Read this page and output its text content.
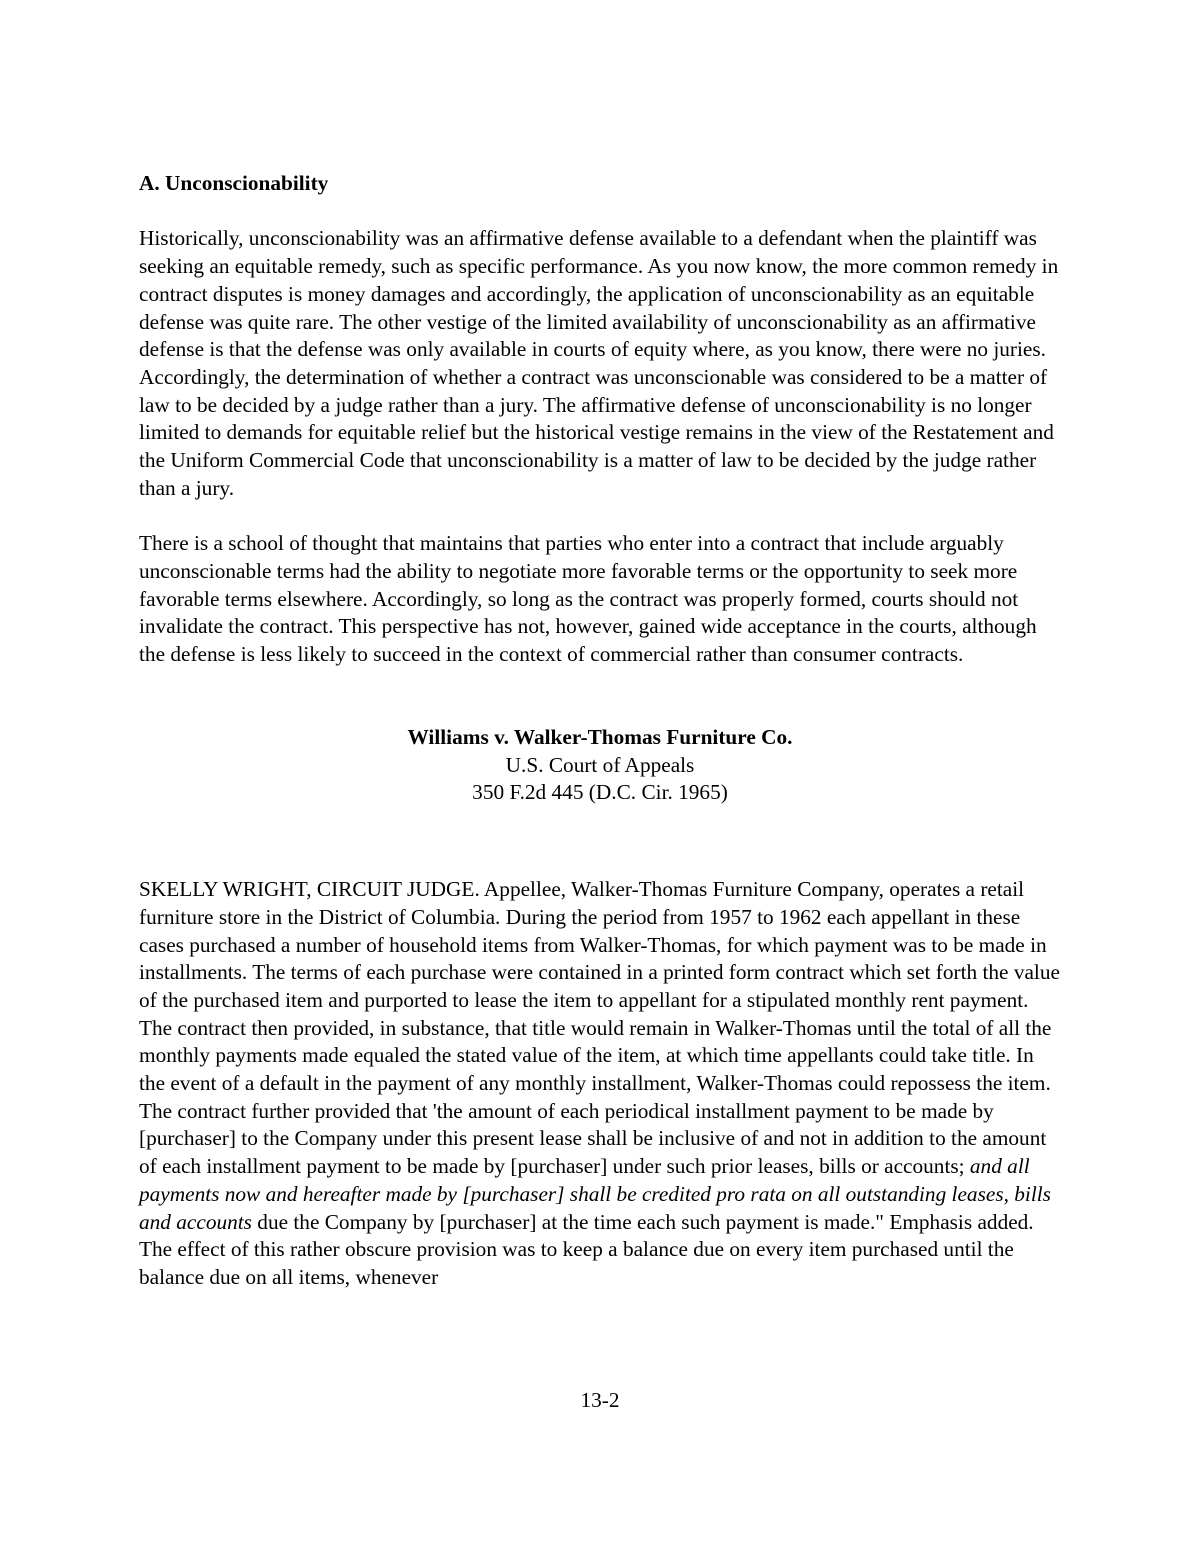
A. Unconscionability

Historically, unconscionability was an affirmative defense available to a defendant when the plaintiff was seeking an equitable remedy, such as specific performance. As you now know, the more common remedy in contract disputes is money damages and accordingly, the application of unconscionability as an equitable defense was quite rare. The other vestige of the limited availability of unconscionability as an affirmative defense is that the defense was only available in courts of equity where, as you know, there were no juries. Accordingly, the determination of whether a contract was unconscionable was considered to be a matter of law to be decided by a judge rather than a jury. The affirmative defense of unconscionability is no longer limited to demands for equitable relief but the historical vestige remains in the view of the Restatement and the Uniform Commercial Code that unconscionability is a matter of law to be decided by the judge rather than a jury.

There is a school of thought that maintains that parties who enter into a contract that include arguably unconscionable terms had the ability to negotiate more favorable terms or the opportunity to seek more favorable terms elsewhere. Accordingly, so long as the contract was properly formed, courts should not invalidate the contract. This perspective has not, however, gained wide acceptance in the courts, although the defense is less likely to succeed in the context of commercial rather than consumer contracts.

Williams v. Walker-Thomas Furniture Co.
U.S. Court of Appeals
350 F.2d 445 (D.C. Cir. 1965)

SKELLY WRIGHT, CIRCUIT JUDGE. Appellee, Walker-Thomas Furniture Company, operates a retail furniture store in the District of Columbia. During the period from 1957 to 1962 each appellant in these cases purchased a number of household items from Walker-Thomas, for which payment was to be made in installments. The terms of each purchase were contained in a printed form contract which set forth the value of the purchased item and purported to lease the item to appellant for a stipulated monthly rent payment. The contract then provided, in substance, that title would remain in Walker-Thomas until the total of all the monthly payments made equaled the stated value of the item, at which time appellants could take title. In the event of a default in the payment of any monthly installment, Walker-Thomas could repossess the item. The contract further provided that 'the amount of each periodical installment payment to be made by [purchaser] to the Company under this present lease shall be inclusive of and not in addition to the amount of each installment payment to be made by [purchaser] under such prior leases, bills or accounts; and all payments now and hereafter made by [purchaser] shall be credited pro rata on all outstanding leases, bills and accounts due the Company by [purchaser] at the time each such payment is made." Emphasis added. The effect of this rather obscure provision was to keep a balance due on every item purchased until the balance due on all items, whenever

13-2
